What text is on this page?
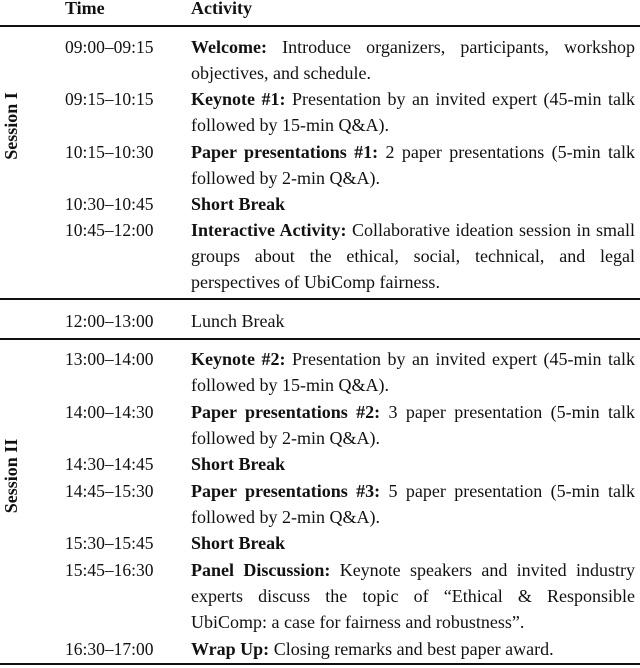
Time	Activity
Session I
Session II
09:00–09:15 Welcome: Introduce organizers, participants, workshop objectives, and schedule.
09:15–10:15 Keynote #1: Presentation by an invited expert (45-min talk followed by 15-min Q&A).
10:15–10:30 Paper presentations #1: 2 paper presentations (5-min talk followed by 2-min Q&A).
10:30–10:45 Short Break
10:45–12:00 Interactive Activity: Collaborative ideation session in small groups about the ethical, social, technical, and legal perspectives of UbiComp fairness.
12:00–13:00 Lunch Break
13:00–14:00 Keynote #2: Presentation by an invited expert (45-min talk followed by 15-min Q&A).
14:00–14:30 Paper presentations #2: 3 paper presentation (5-min talk followed by 2-min Q&A).
14:30–14:45 Short Break
14:45–15:30 Paper presentations #3: 5 paper presentation (5-min talk followed by 2-min Q&A).
15:30–15:45 Short Break
15:45–16:30 Panel Discussion: Keynote speakers and invited industry experts discuss the topic of “Ethical & Responsible UbiComp: a case for fairness and robustness”.
16:30–17:00 Wrap Up: Closing remarks and best paper award.
